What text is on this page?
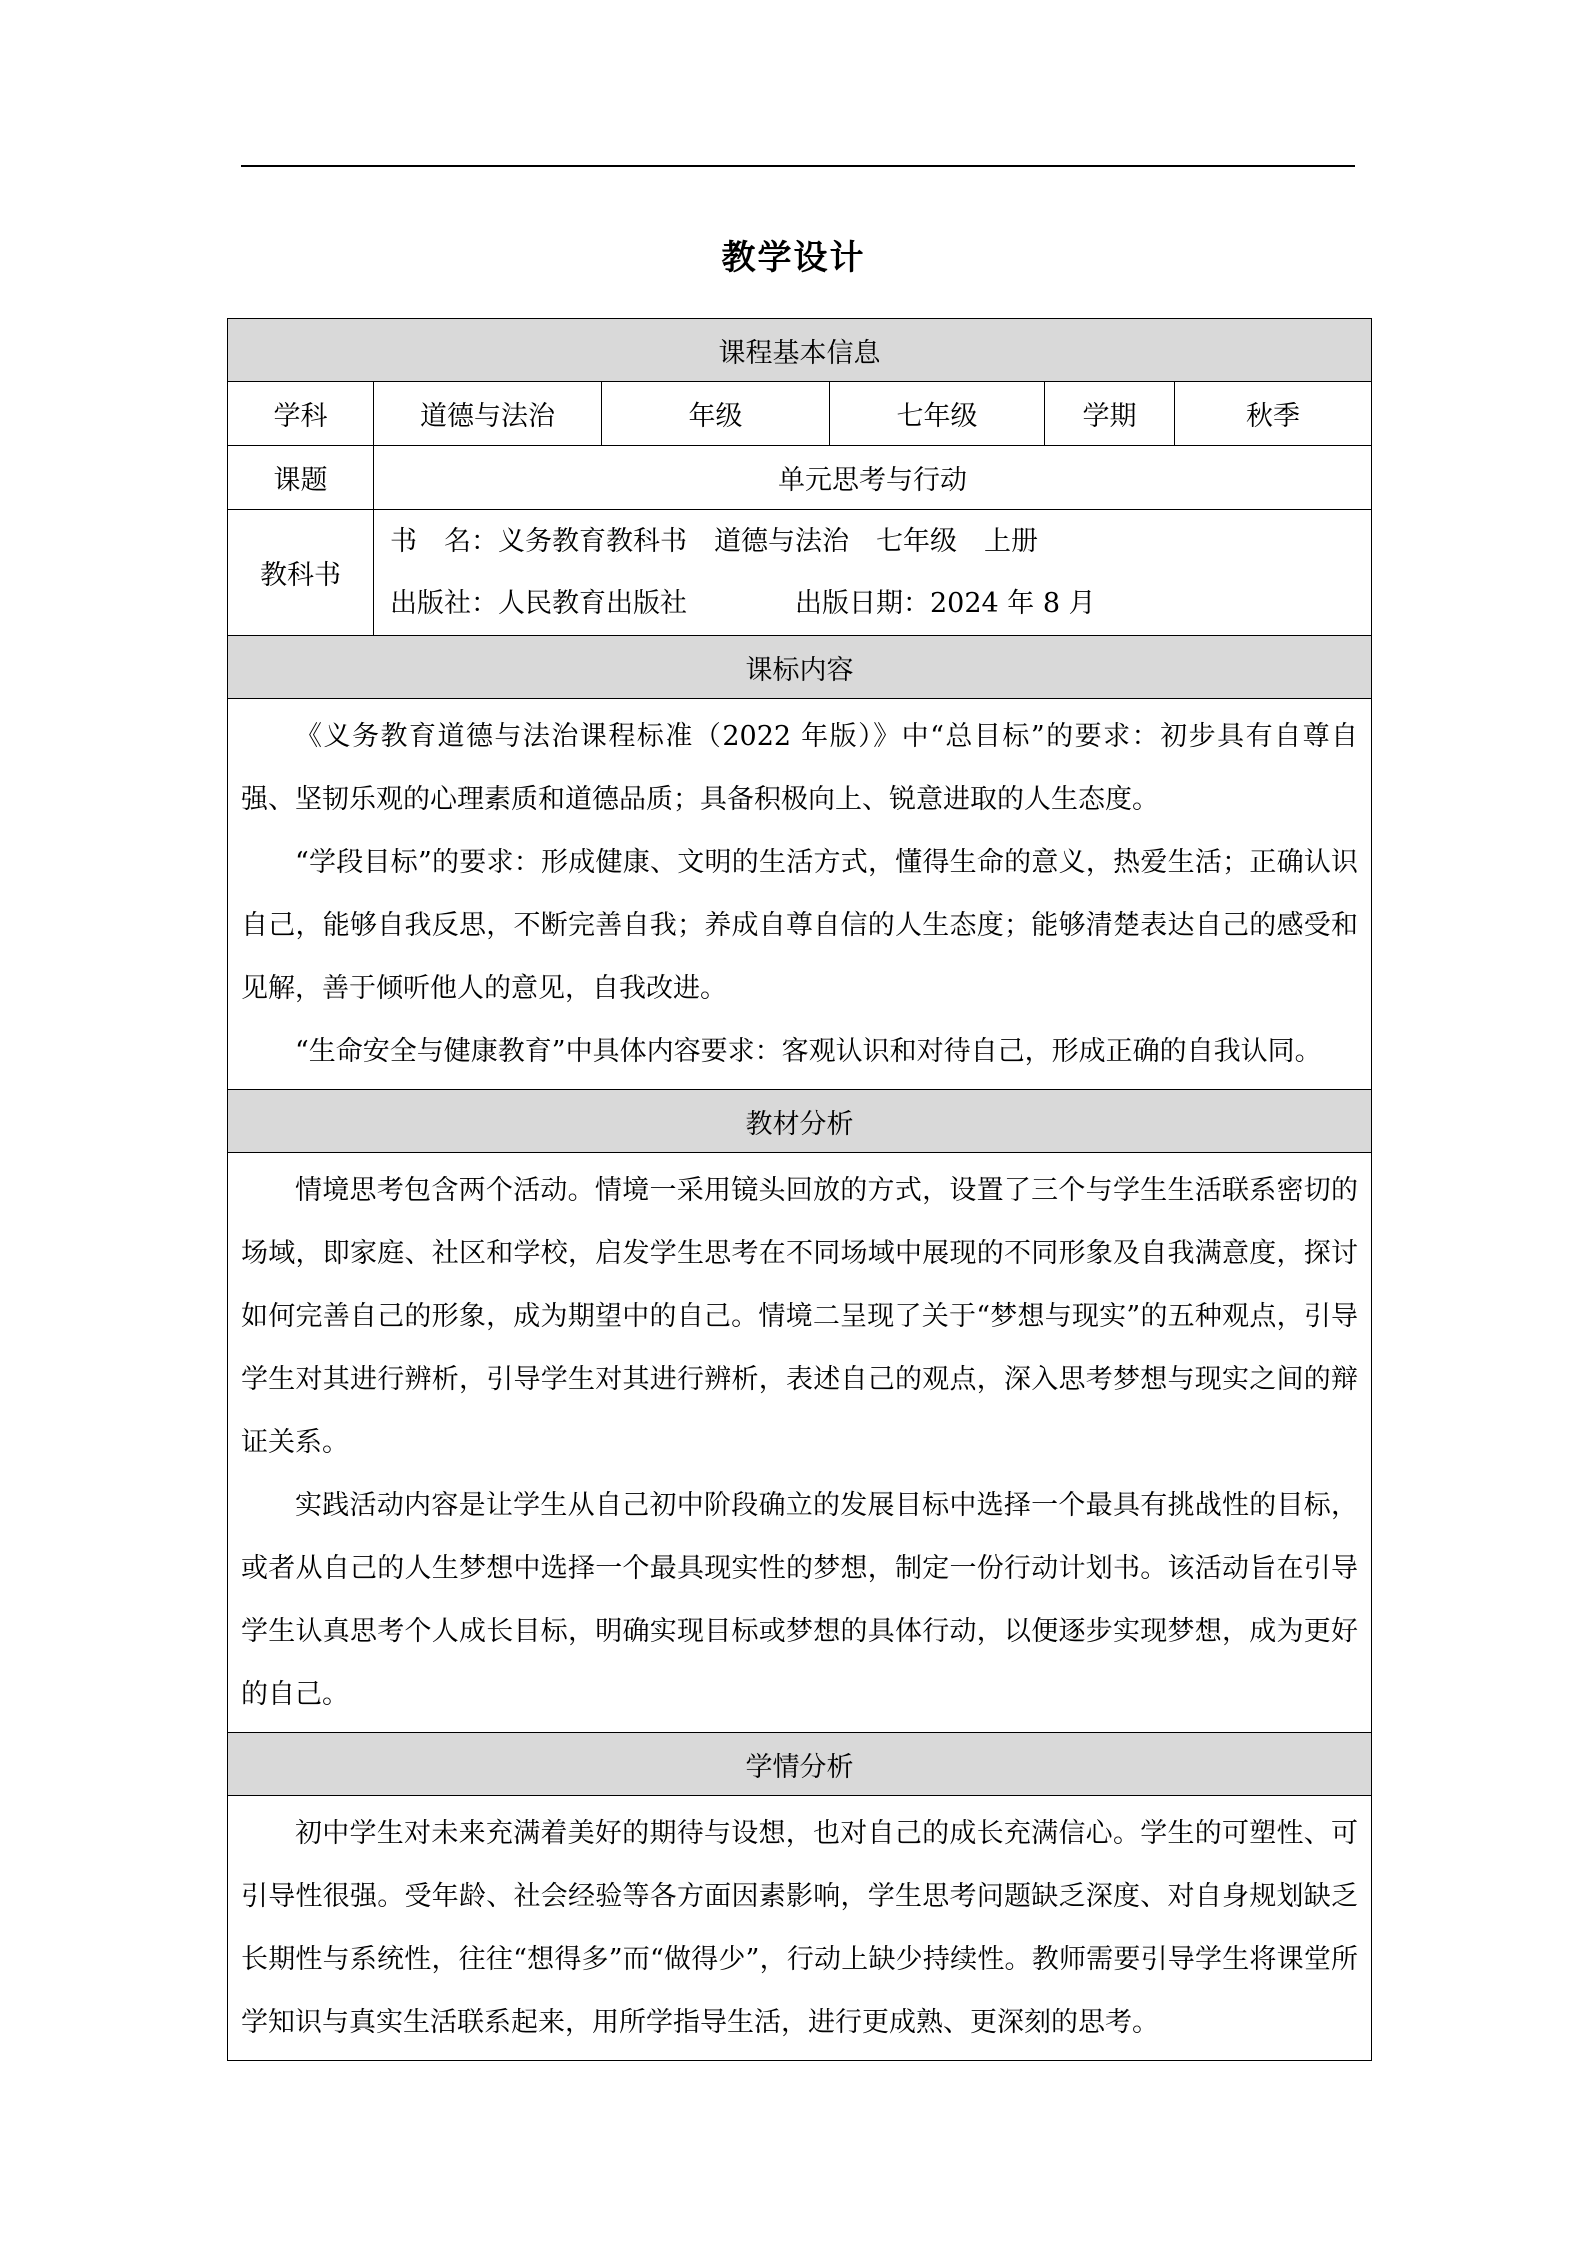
教学设计
课程基本信息					
学科	道德与法治	年级	七年级	学期	秋季
课题	单元思考与行动				
教科书	书　名：义务教育教科书　道德与法治　七年级　上册
出版社：人民教育出版社　　　　出版日期：2024 年 8 月				

课标内容					

《义务教育道德与法治课程标准（2022 年版）》中“总目标”的要求：初步具有自尊自强、坚韧乐观的心理素质和道德品质；具备积极向上、锐意进取的人生态度。

“学段目标”的要求：形成健康、文明的生活方式，懂得生命的意义，热爱生活；正确认识自己，能够自我反思，不断完善自我；养成自尊自信的人生态度；能够清楚表达自己的感受和见解，善于倾听他人的意见，自我改进。

“生命安全与健康教育”中具体内容要求：客观认识和对待自己，形成正确的自我认同。					

教材分析					

情境思考包含两个活动。情境一采用镜头回放的方式，设置了三个与学生生活联系密切的场域，即家庭、社区和学校，启发学生思考在不同场域中展现的不同形象及自我满意度，探讨如何完善自己的形象，成为期望中的自己。情境二呈现了关于“梦想与现实”的五种观点，引导学生对其进行辨析，引导学生对其进行辨析，表述自己的观点，深入思考梦想与现实之间的辩证关系。

实践活动内容是让学生从自己初中阶段确立的发展目标中选择一个最具有挑战性的目标，或者从自己的人生梦想中选择一个最具现实性的梦想，制定一份行动计划书。该活动旨在引导学生认真思考个人成长目标，明确实现目标或梦想的具体行动，以便逐步实现梦想，成为更好的自己。					

学情分析					

初中学生对未来充满着美好的期待与设想，也对自己的成长充满信心。学生的可塑性、可引导性很强。受年龄、社会经验等各方面因素影响，学生思考问题缺乏深度、对自身规划缺乏长期性与系统性，往往“想得多”而“做得少”，行动上缺少持续性。教师需要引导学生将课堂所学知识与真实生活联系起来，用所学指导生活，进行更成熟、更深刻的思考。					
